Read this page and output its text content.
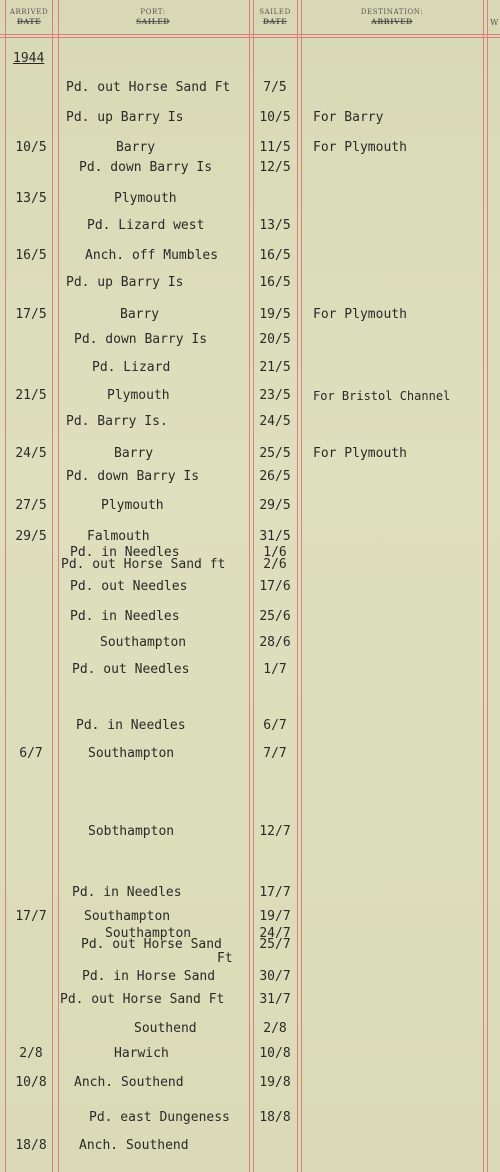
ARRIVED
DATE
PORT:
SAILED
SAILED
DATE
DESTINATION:
ARRIVED	W
1944
Pd. out Horse Sand Ft	7/5
Pd. up Barry Is	10/5	For Barry
10/5	Barry	11/5	For Plymouth
Pd. down Barry Is	12/5
13/5	Plymouth
Pd. Lizard west	13/5
16/5	Anch. off Mumbles	16/5
Pd. up Barry Is	16/5
17/5	Barry	19/5	For Plymouth
Pd. down Barry Is	20/5
Pd. Lizard	21/5
21/5	Plymouth	23/5	For Bristol Channel
Pd. Barry Is.	24/5
24/5	Barry	25/5	For Plymouth
Pd. down Barry Is	26/5
27/5	Plymouth	29/5
29/5	Falmouth	31/5
Pd. in Needles	1/6
Pd. out Horse Sand ft	2/6
Pd. out Needles	17/6
Pd. in Needles	25/6
Southampton	28/6
Pd. out Needles	1/7
Pd. in Needles	6/7
6/7	Southampton	7/7
Sobthampton	12/7
Pd. in Needles	17/7
17/7	Southampton	19/7
Southampton	24/7
Pd. out Horse Sand	25/7
Ft
Pd. in Horse Sand	30/7
Pd. out Horse Sand Ft	31/7
Southend	2/8
2/8	Harwich	10/8
10/8	Anch. Southend	19/8
Pd. east Dungeness	18/8
18/8	Anch. Southend
